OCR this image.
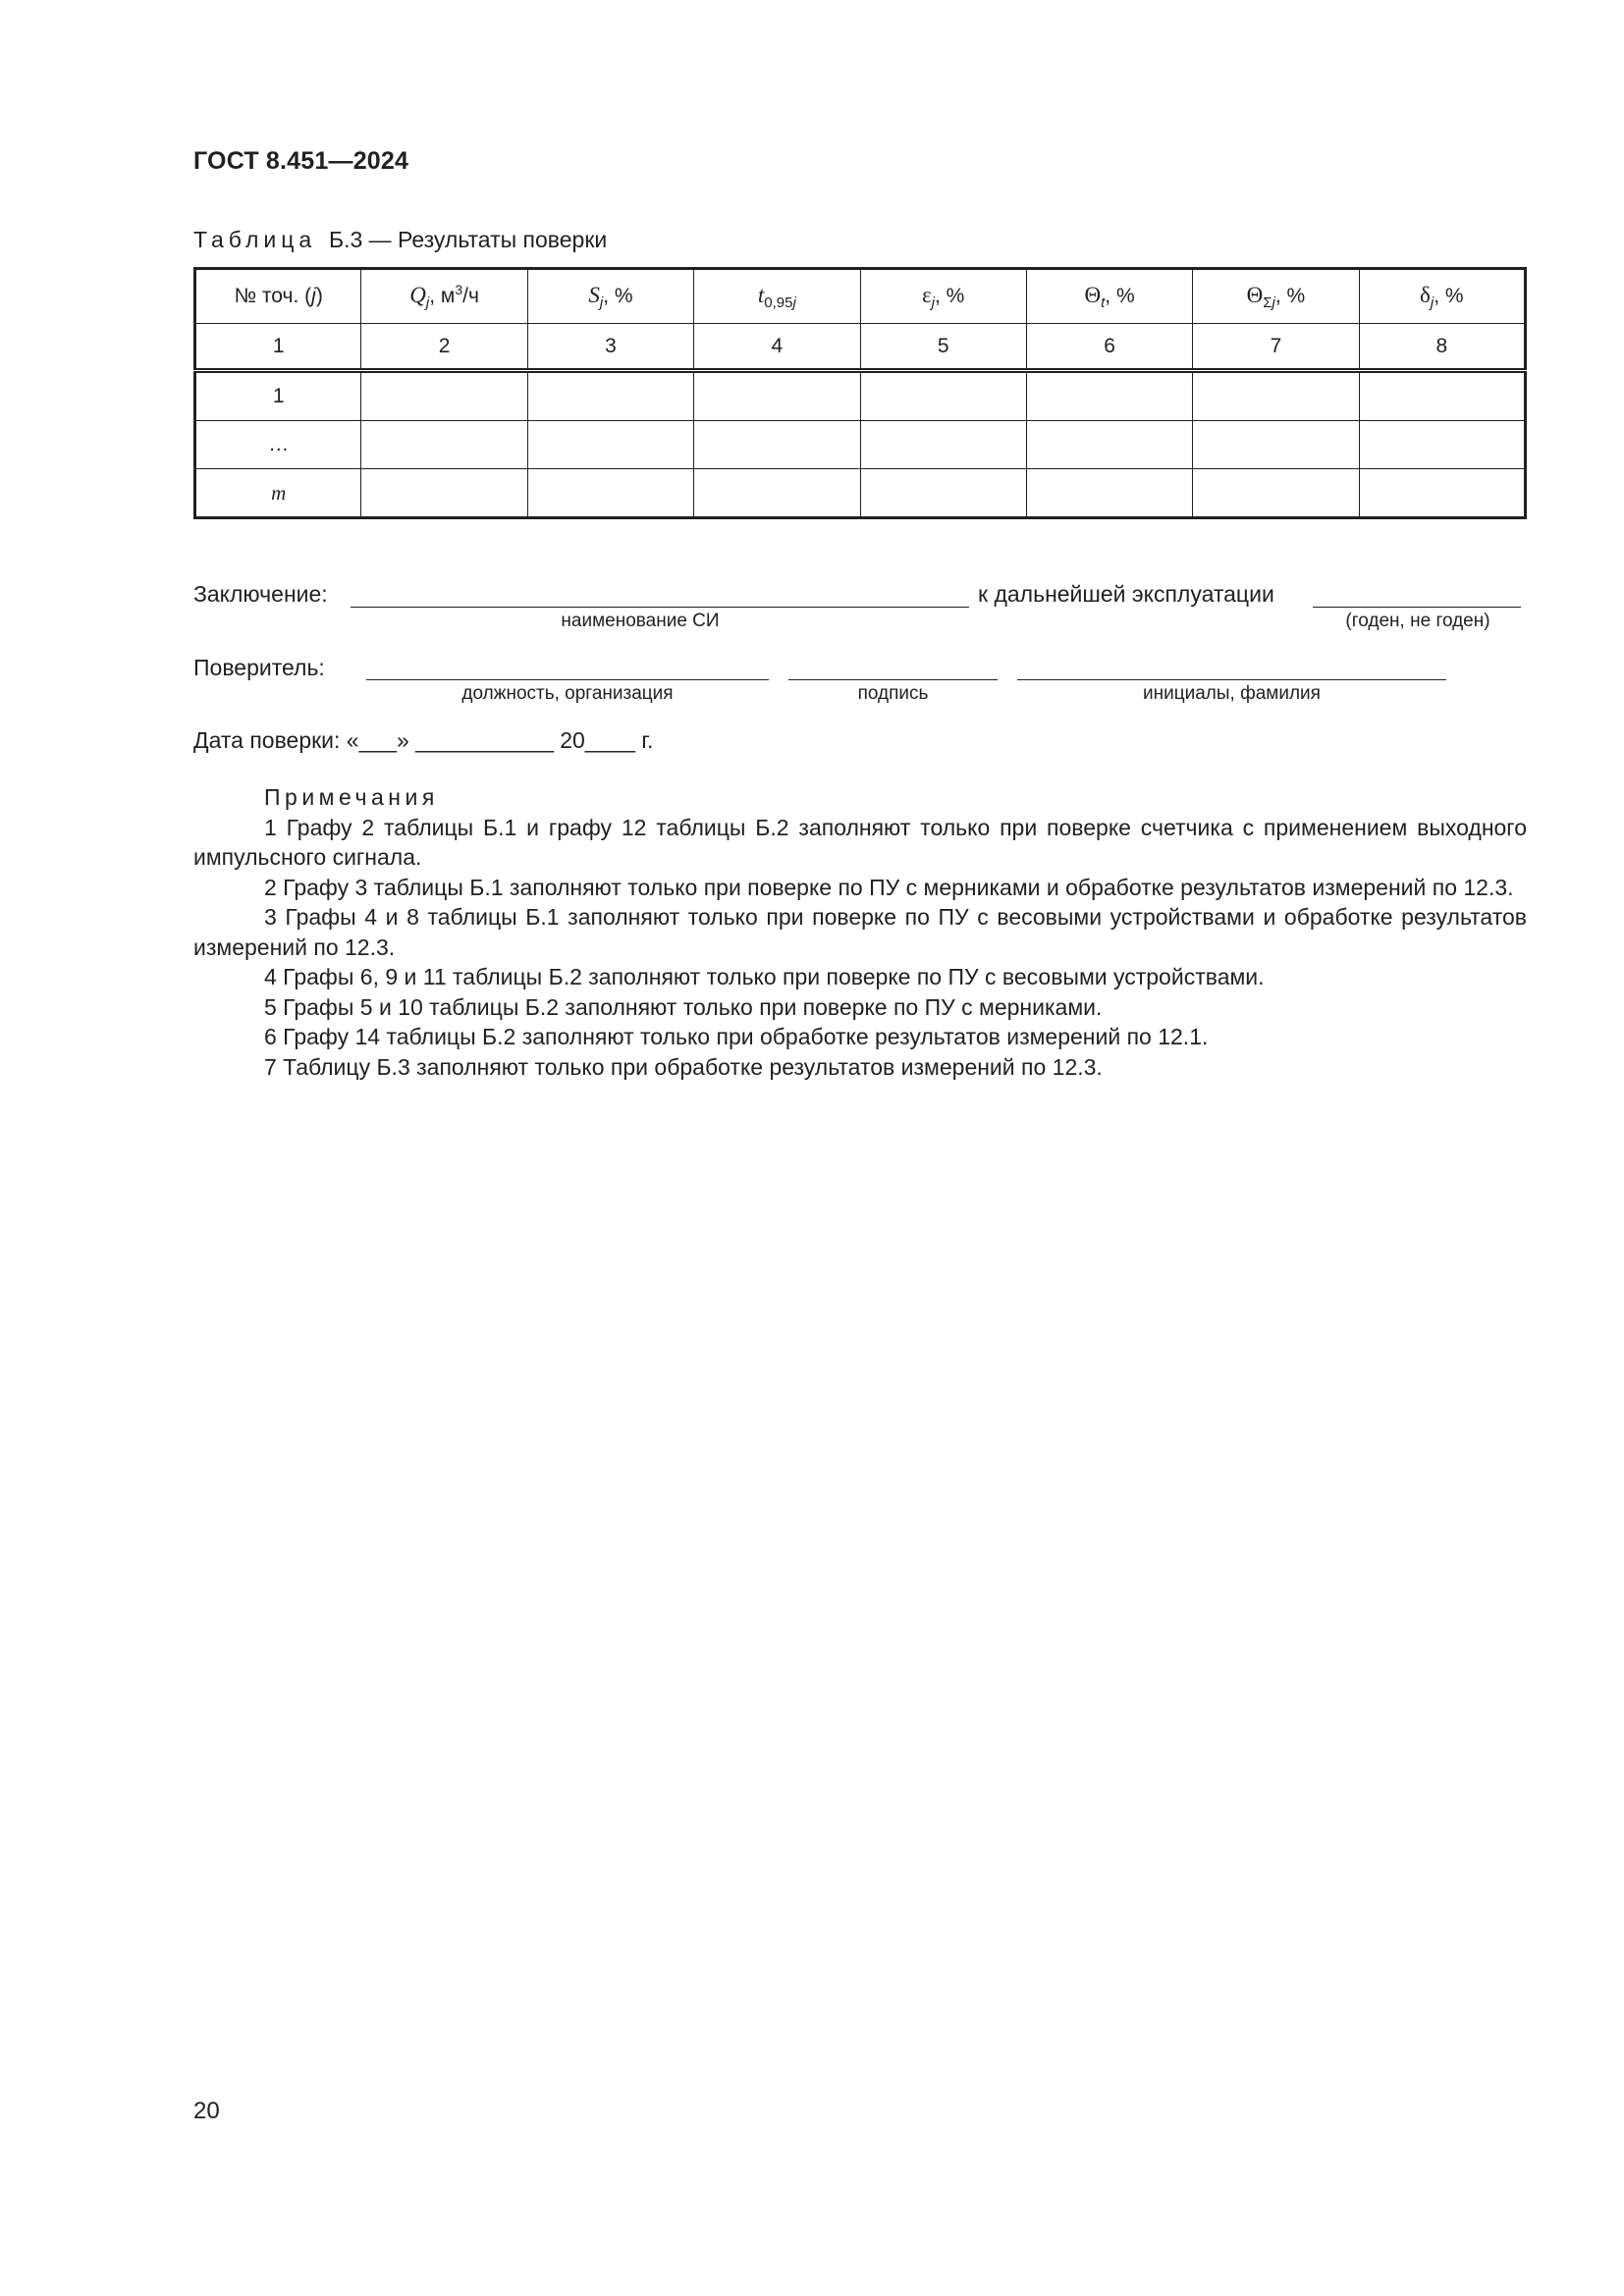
ГОСТ 8.451—2024
Таблица Б.3 — Результаты поверки
№ точ. (j)	$Q_j$, $м^3/ч$	$S_j$, %	$t_{0,95j}$	$\varepsilon_j$, %	$\Theta_t$, %	$\Theta_{\Sigma j}$, %	$\delta_j$, %
1	2	3	4	5	6	7	8
1							
…							
m							
Заключение:	к дальнейшей эксплуатации
наименование СИ	(годен, не годен)
Поверитель:
должность, организация	подпись	инициалы, фамилия
Дата поверки: «___» ___________ 20____ г.
Примечания
1 Графу 2 таблицы Б.1 и графу 12 таблицы Б.2 заполняют только при поверке счетчика с применением выходного импульсного сигнала.
2 Графу 3 таблицы Б.1 заполняют только при поверке по ПУ с мерниками и обработке результатов измерений по 12.3.
3 Графы 4 и 8 таблицы Б.1 заполняют только при поверке по ПУ с весовыми устройствами и обработке результатов измерений по 12.3.
4 Графы 6, 9 и 11 таблицы Б.2 заполняют только при поверке по ПУ с весовыми устройствами.
5 Графы 5 и 10 таблицы Б.2 заполняют только при поверке по ПУ с мерниками.
6 Графу 14 таблицы Б.2 заполняют только при обработке результатов измерений по 12.1.
7 Таблицу Б.3 заполняют только при обработке результатов измерений по 12.3.
20
